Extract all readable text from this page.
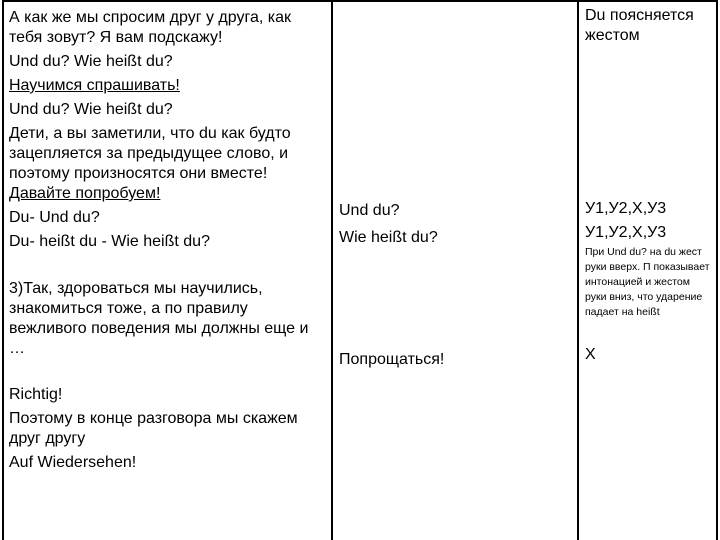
А как же мы спросим друг у друга, как тебя зовут? Я вам подскажу!

Und du? Wie heißt du?

Научимся спрашивать!

Und du? Wie heißt du?

Дети, а вы заметили, что du как будто зацепляется за предыдущее слово, и поэтому произносятся они вместе! Давайте попробуем!

Du- Und du?

Du- heißt du - Wie heißt du?

3)Так, здороваться мы научились, знакомиться тоже, а по правилу вежливого поведения мы должны еще и …

Richtig!

Поэтому в конце разговора мы скажем друг другу

Auf Wiedersehen!

Und du?

Wie heißt du?

Попрощаться!

Du поясняется жестом

У1,У2,Х,У3

У1,У2,Х,У3

При Und du? на du жест руки вверх. П показывает интонацией и жестом руки вниз, что ударение падает на heißt

Х
